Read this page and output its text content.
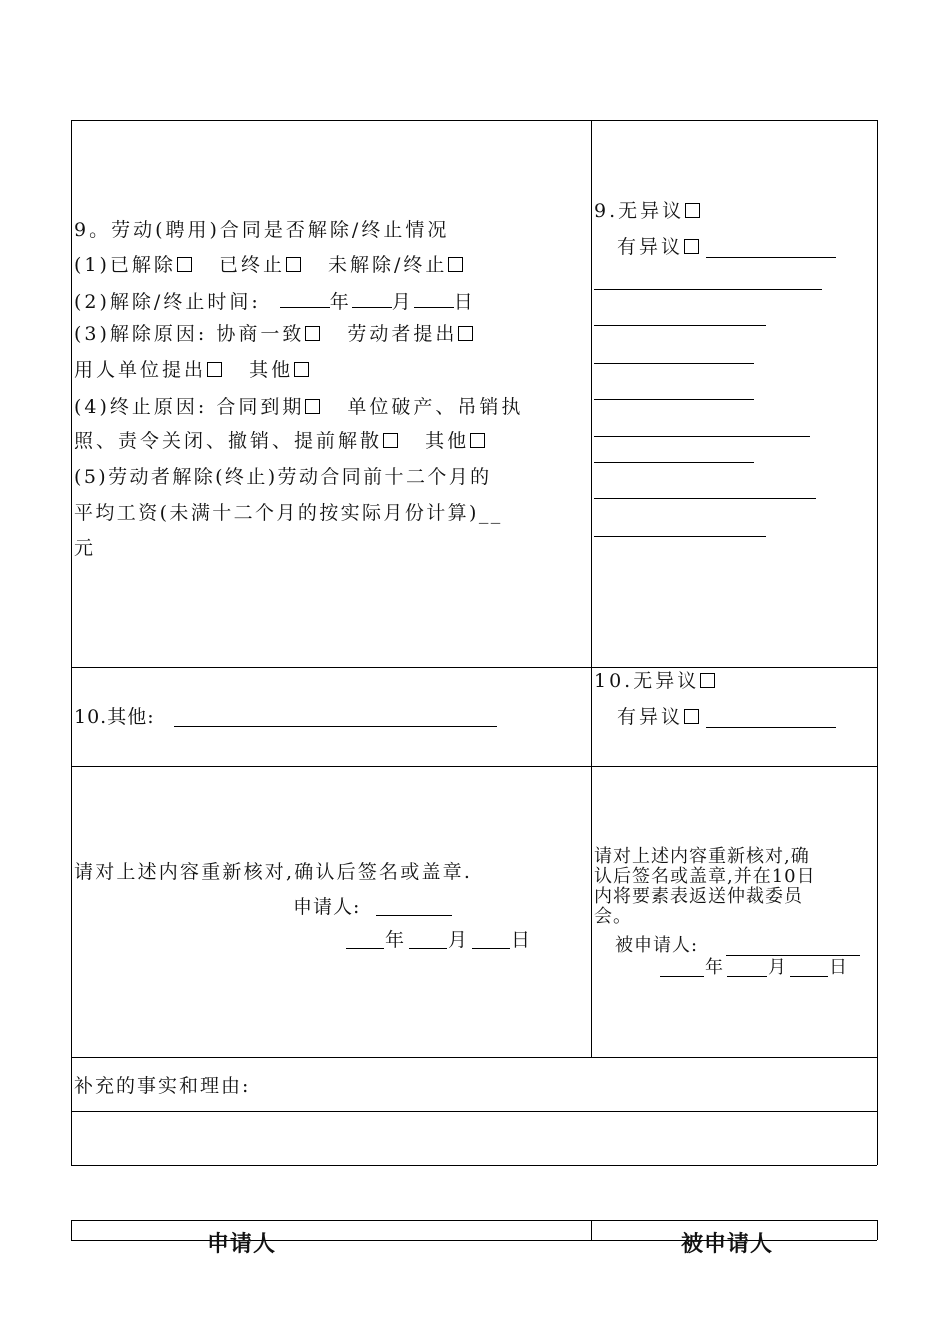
9。劳动(聘用)合同是否解除/终止情况
(1)已解除 已终止 未解除/终止
(2)解除/终止时间:	年 月 日
(3)解除原因: 协商一致 劳动者提出
用人单位提出 其他
(4)终止原因: 合同到期 单位破产、吊销执
照、责令关闭、撤销、提前解散 其他
(5)劳动者解除(终止)劳动合同前十二个月的
平均工资(未满十二个月的按实际月份计算)__
元
9.无异议
有异议
10.其他:
10.无异议
有异议
请对上述内容重新核对,确认后签名或盖章.
申请人:
年 月 日
请对上述内容重新核对,确
认后签名或盖章,并在10日
内将要素表返送仲裁委员
会。
被申请人:
年 月 日
补充的事实和理由:
申请人	被申请人
